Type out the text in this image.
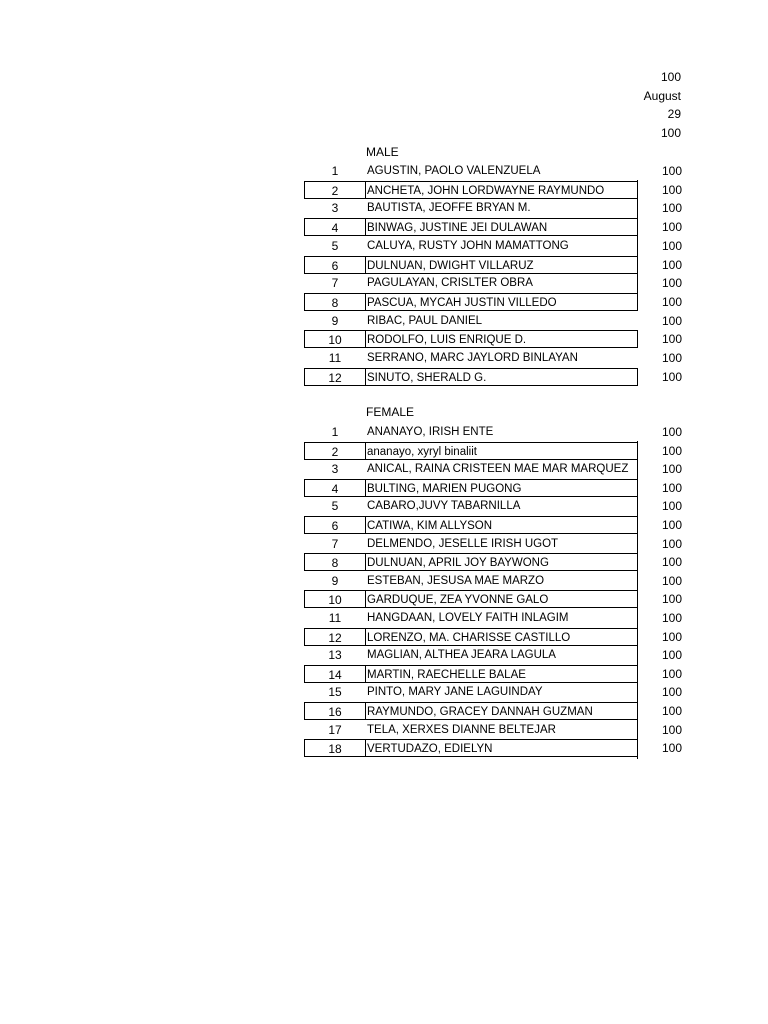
100
August
29
100
MALE
1	AGUSTIN, PAOLO VALENZUELA	100
2	ANCHETA, JOHN LORDWAYNE RAYMUNDO	100
3	BAUTISTA, JEOFFE BRYAN M.	100
4	BINWAG, JUSTINE JEI DULAWAN	100
5	CALUYA, RUSTY JOHN MAMATTONG	100
6	DULNUAN, DWIGHT VILLARUZ	100
7	PAGULAYAN, CRISLTER OBRA	100
8	PASCUA, MYCAH JUSTIN VILLEDO	100
9	RIBAC, PAUL DANIEL	100
10	RODOLFO, LUIS ENRIQUE D.	100
11	SERRANO, MARC JAYLORD BINLAYAN	100
12	SINUTO, SHERALD G.	100
FEMALE
1	ANANAYO, IRISH ENTE	100
2	ananayo, xyryl binaliit	100
3	ANICAL, RAINA CRISTEEN MAE MAR MARQUEZ	100
4	BULTING, MARIEN PUGONG	100
5	CABARO,JUVY TABARNILLA	100
6	CATIWA, KIM ALLYSON	100
7	DELMENDO, JESELLE IRISH UGOT	100
8	DULNUAN, APRIL JOY BAYWONG	100
9	ESTEBAN, JESUSA MAE MARZO	100
10	GARDUQUE, ZEA YVONNE GALO	100
11	HANGDAAN, LOVELY FAITH INLAGIM	100
12	LORENZO, MA. CHARISSE CASTILLO	100
13	MAGLIAN, ALTHEA JEARA LAGULA	100
14	MARTIN, RAECHELLE BALAE	100
15	PINTO, MARY JANE LAGUINDAY	100
16	RAYMUNDO, GRACEY DANNAH GUZMAN	100
17	TELA, XERXES DIANNE BELTEJAR	100
18	VERTUDAZO, EDIELYN	100
